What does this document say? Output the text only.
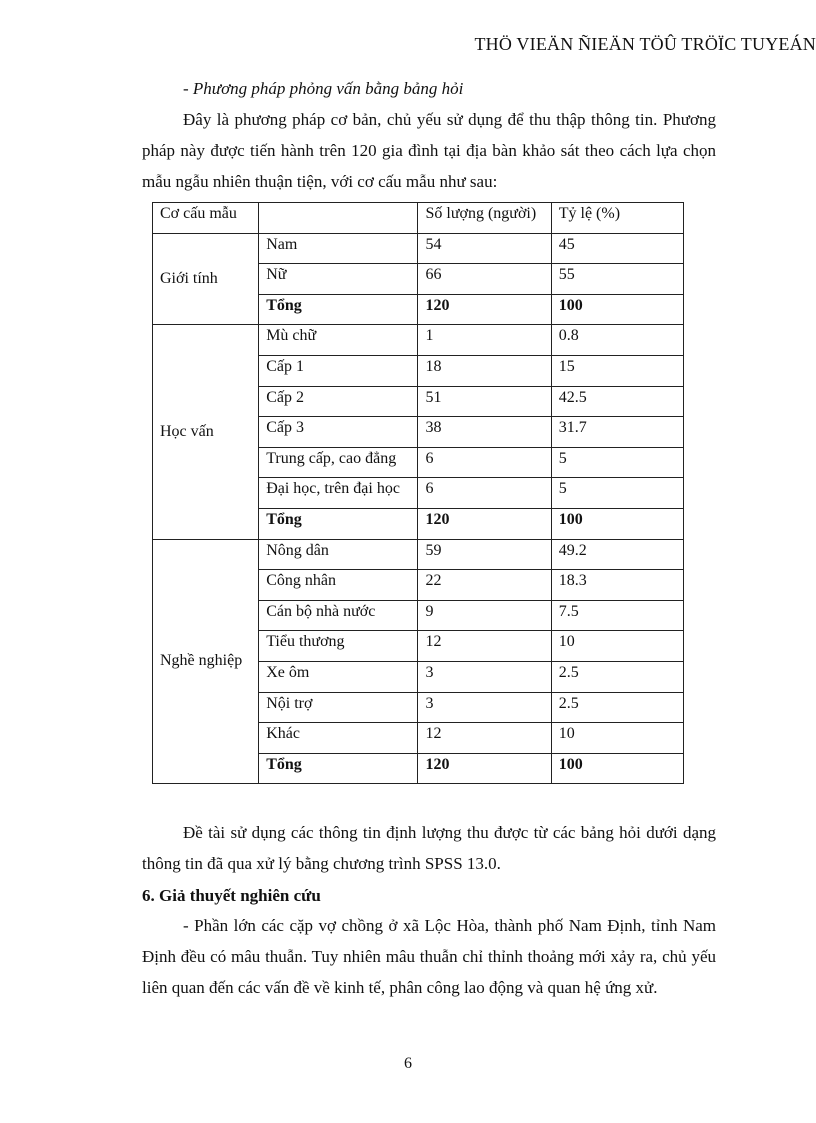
THÖ VIEÄN ÑIEÄN TÖÛ TRÖÏC TUYEÁN
- Phương pháp phỏng vấn bằng bảng hỏi
Đây là phương pháp cơ bản, chủ yếu sử dụng để thu thập thông tin. Phương pháp này được tiến hành trên 120 gia đình tại địa bàn khảo sát theo cách lựa chọn mẫu ngẫu nhiên thuận tiện, với cơ cấu mẫu như sau:
Cơ cấu mẫu		Số lượng (người)	Tỷ lệ (%)
Giới tính	Nam	54	45
	Nữ	66	55
	Tổng	120	100
Học vấn	Mù chữ	1	0.8
	Cấp 1	18	15
	Cấp 2	51	42.5
	Cấp 3	38	31.7
	Trung cấp, cao đẳng	6	5
	Đại học, trên đại học	6	5
	Tổng	120	100
Nghề nghiệp	Nông dân	59	49.2
	Công nhân	22	18.3
	Cán bộ nhà nước	9	7.5
	Tiểu thương	12	10
	Xe ôm	3	2.5
	Nội trợ	3	2.5
	Khác	12	10
	Tổng	120	100
Đề tài sử dụng các thông tin định lượng thu được từ các bảng hỏi dưới dạng thông tin đã qua xử lý bằng chương trình SPSS 13.0.
6. Giả thuyết nghiên cứu
- Phần lớn các cặp vợ chồng ở xã Lộc Hòa, thành phố Nam Định, tỉnh Nam Định đều có mâu thuẫn. Tuy nhiên mâu thuẫn chỉ thỉnh thoảng mới xảy ra, chủ yếu liên quan đến các vấn đề về kinh tế, phân công lao động và quan hệ ứng xử.
6
